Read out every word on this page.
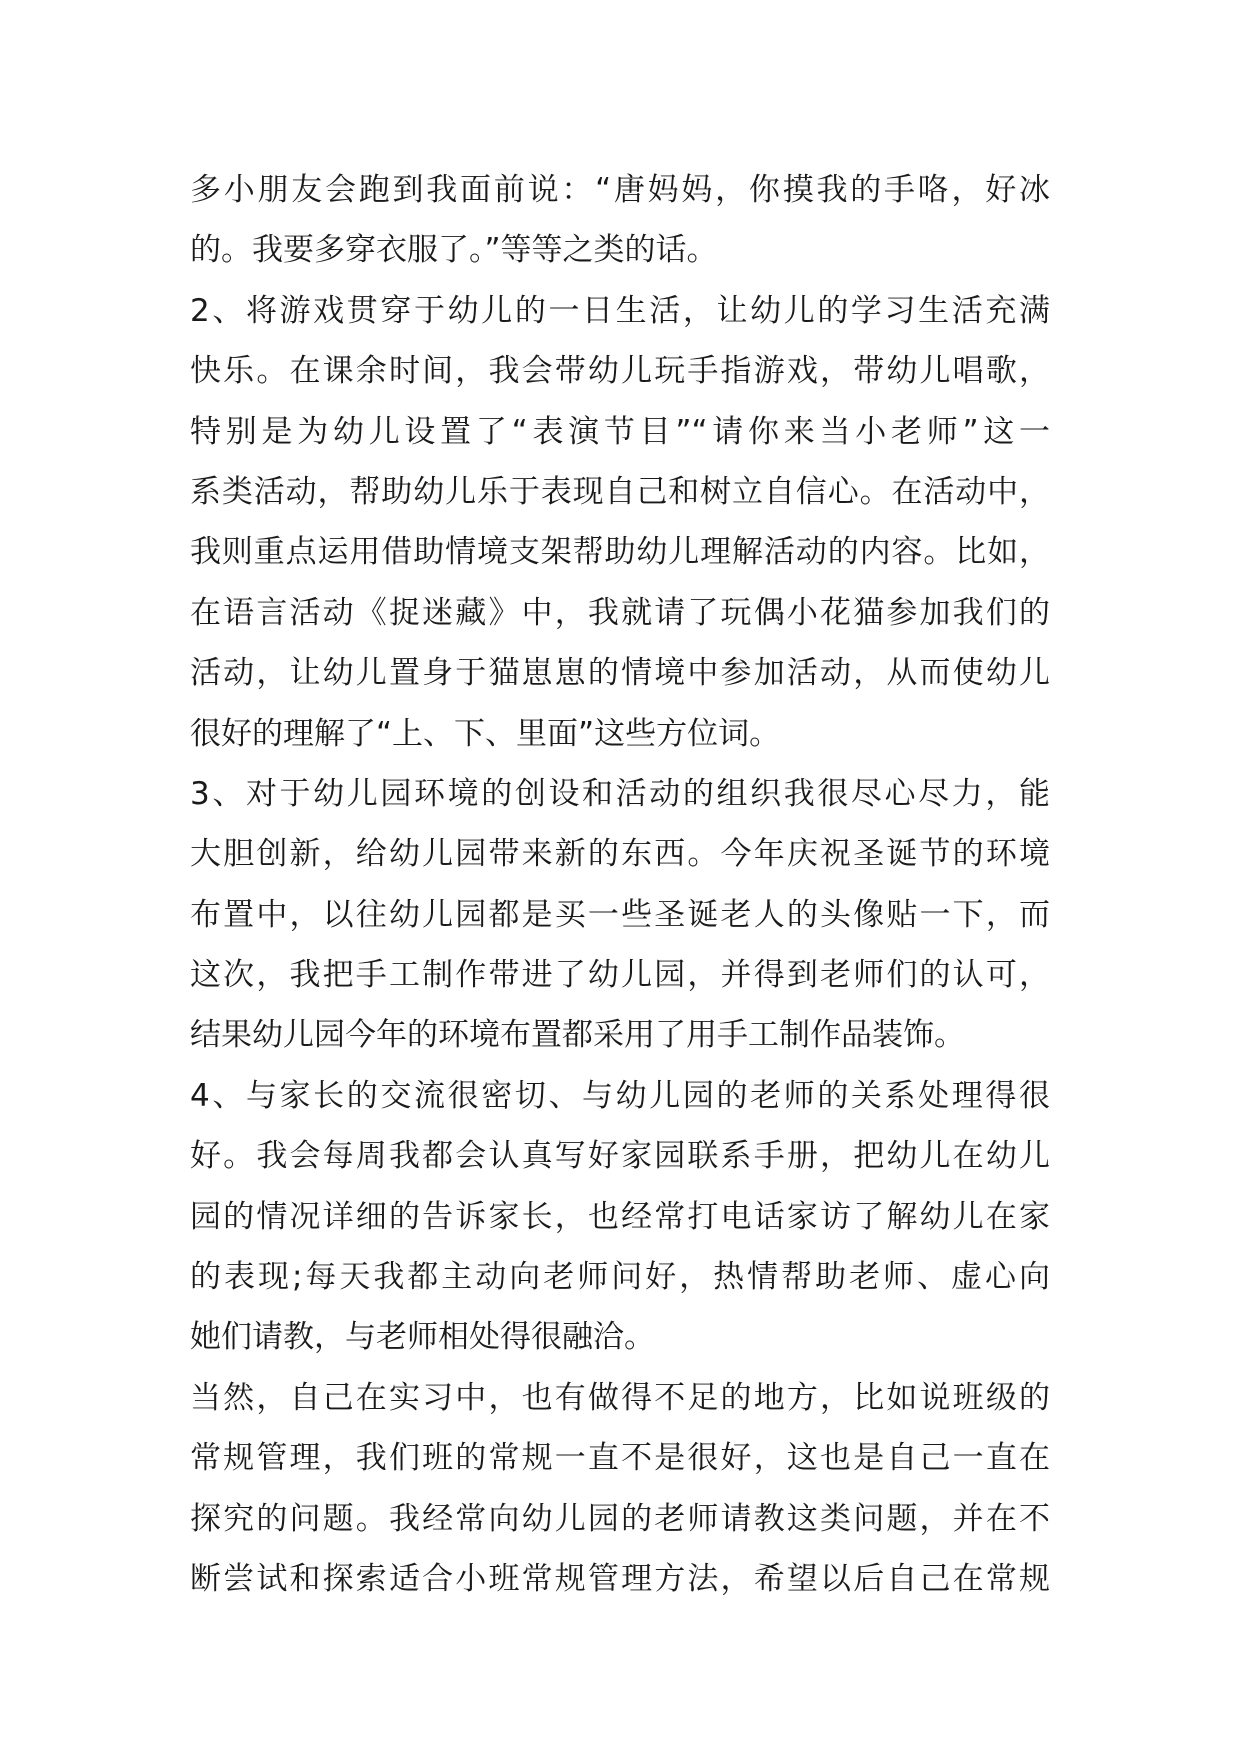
多小朋友会跑到我面前说：“唐妈妈，你摸我的手咯，好冰
的。我要多穿衣服了。”等等之类的话。
2、将游戏贯穿于幼儿的一日生活，让幼儿的学习生活充满
快乐。在课余时间，我会带幼儿玩手指游戏，带幼儿唱歌，
特别是为幼儿设置了“表演节目”“请你来当小老师”这一
系类活动，帮助幼儿乐于表现自己和树立自信心。在活动中，
我则重点运用借助情境支架帮助幼儿理解活动的内容。比如，
在语言活动《捉迷藏》中，我就请了玩偶小花猫参加我们的
活动，让幼儿置身于猫崽崽的情境中参加活动，从而使幼儿
很好的理解了“上、下、里面”这些方位词。
3、对于幼儿园环境的创设和活动的组织我很尽心尽力，能
大胆创新，给幼儿园带来新的东西。今年庆祝圣诞节的环境
布置中，以往幼儿园都是买一些圣诞老人的头像贴一下，而
这次，我把手工制作带进了幼儿园，并得到老师们的认可，
结果幼儿园今年的环境布置都采用了用手工制作品装饰。
4、与家长的交流很密切、与幼儿园的老师的关系处理得很
好。我会每周我都会认真写好家园联系手册，把幼儿在幼儿
园的情况详细的告诉家长，也经常打电话家访了解幼儿在家
的表现;每天我都主动向老师问好，热情帮助老师、虚心向
她们请教，与老师相处得很融洽。
当然，自己在实习中，也有做得不足的地方，比如说班级的
常规管理，我们班的常规一直不是很好，这也是自己一直在
探究的问题。我经常向幼儿园的老师请教这类问题，并在不
断尝试和探索适合小班常规管理方法，希望以后自己在常规
